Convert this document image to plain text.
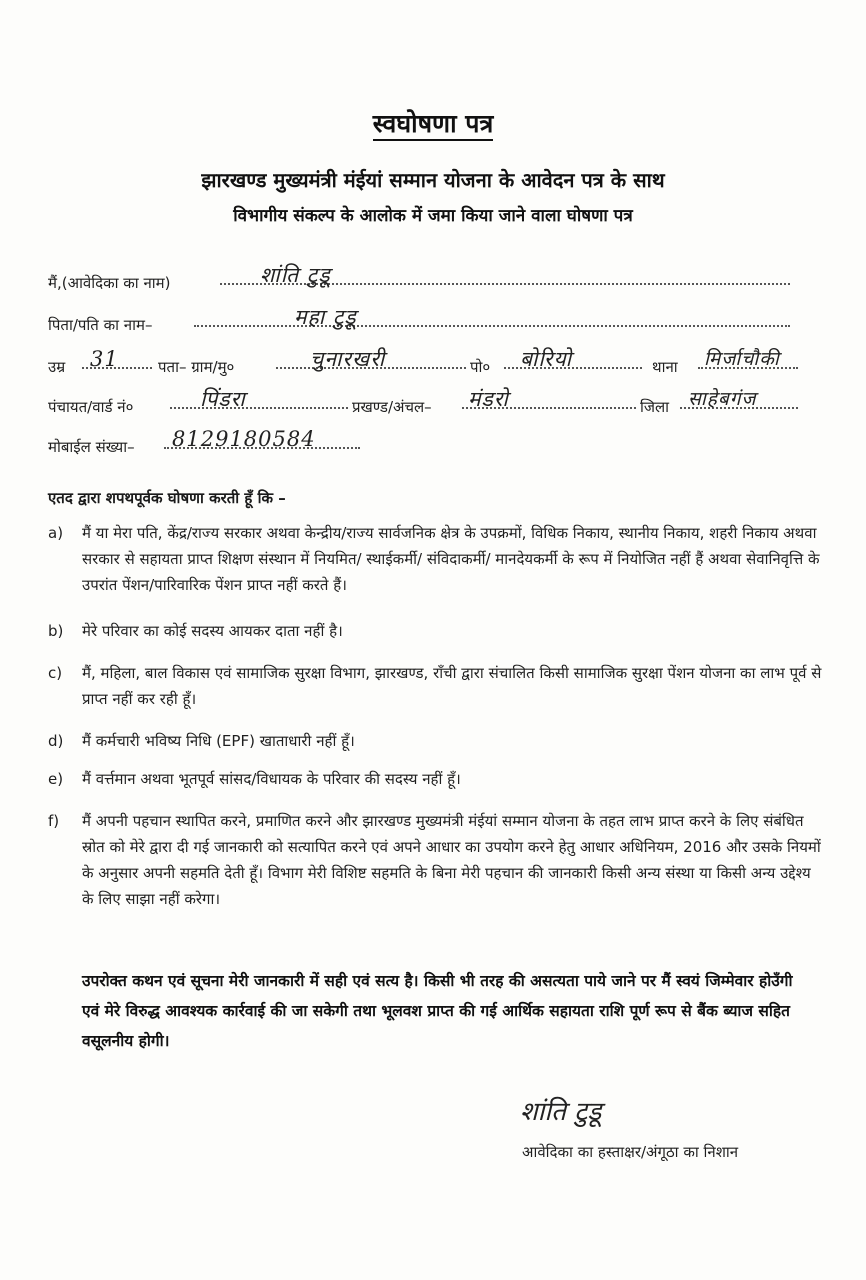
स्वघोषणा पत्र
झारखण्ड मुख्यमंत्री मंईयां सम्मान योजना के आवेदन पत्र के साथ
विभागीय संकल्प के आलोक में जमा किया जाने वाला घोषणा पत्र
मैं,(आवेदिका का नाम)	शांति टुडू
पिता/पति का नाम–	महा टुडू
उम्र 31	पता– ग्राम/मु०	चुनारखरी	पो० बोरियो	थाना मिर्जाचौकी
पंचायत/वार्ड नं०	पिंडरा	प्रखण्ड/अंचल– मंडरो	जिला साहेबगंज
मोबाईल संख्या– 8129180584
एतद द्वारा शपथपूर्वक घोषणा करती हूँ कि –
a) मैं या मेरा पति, केंद्र/राज्य सरकार अथवा केन्द्रीय/राज्य सार्वजनिक क्षेत्र के उपक्रमों, विधिक निकाय, स्थानीय निकाय, शहरी निकाय अथवा सरकार से सहायता प्राप्त शिक्षण संस्थान में नियमित/ स्थाईकर्मी/ संविदाकर्मी/ मानदेयकर्मी के रूप में नियोजित नहीं हैं अथवा सेवानिवृत्ति के उपरांत पेंशन/पारिवारिक पेंशन प्राप्त नहीं करते हैं।
b) मेरे परिवार का कोई सदस्य आयकर दाता नहीं है।
c) मैं, महिला, बाल विकास एवं सामाजिक सुरक्षा विभाग, झारखण्ड, राँची द्वारा संचालित किसी सामाजिक सुरक्षा पेंशन योजना का लाभ पूर्व से प्राप्त नहीं कर रही हूँ।
d) मैं कर्मचारी भविष्य निधि (EPF) खाताधारी नहीं हूँ।
e) मैं वर्त्तमान अथवा भूतपूर्व सांसद/विधायक के परिवार की सदस्य नहीं हूँ।
f) मैं अपनी पहचान स्थापित करने, प्रमाणित करने और झारखण्ड मुख्यमंत्री मंईयां सम्मान योजना के तहत लाभ प्राप्त करने के लिए संबंधित स्रोत को मेरे द्वारा दी गई जानकारी को सत्यापित करने एवं अपने आधार का उपयोग करने हेतु आधार अधिनियम, 2016 और उसके नियमों के अनुसार अपनी सहमति देती हूँ। विभाग मेरी विशिष्ट सहमति के बिना मेरी पहचान की जानकारी किसी अन्य संस्था या किसी अन्य उद्देश्य के लिए साझा नहीं करेगा।
उपरोक्त कथन एवं सूचना मेरी जानकारी में सही एवं सत्य है। किसी भी तरह की असत्यता पाये जाने पर मैं स्वयं जिम्मेवार होउँगी एवं मेरे विरुद्ध आवश्यक कार्रवाई की जा सकेगी तथा भूलवश प्राप्त की गई आर्थिक सहायता राशि पूर्ण रूप से बैंक ब्याज सहित वसूलनीय होगी।
शांति टुडू
आवेदिका का हस्ताक्षर/अंगूठा का निशान
